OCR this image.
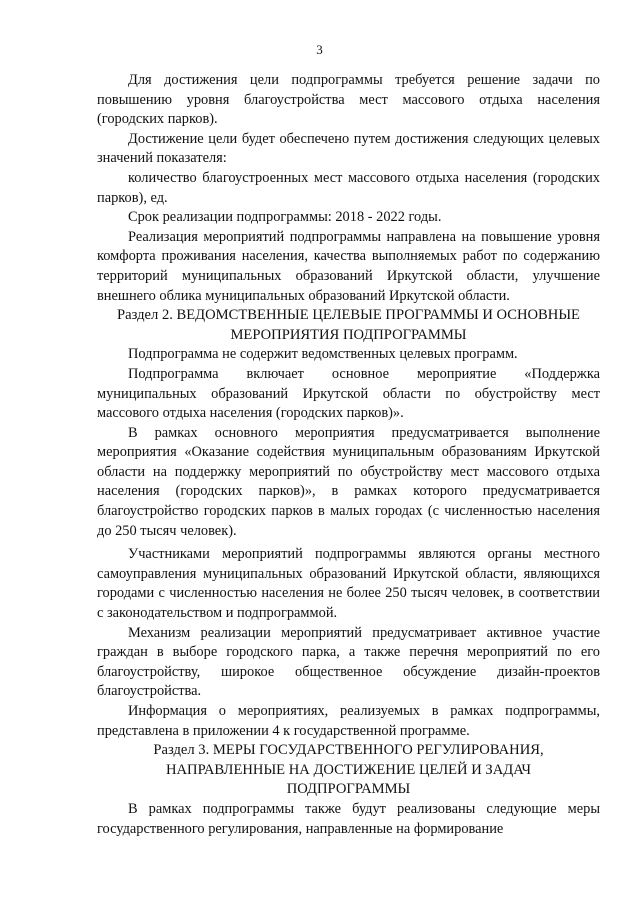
3

Для достижения цели подпрограммы требуется решение задачи по повышению уровня благоустройства мест массового отдыха населения (городских парков).

Достижение цели будет обеспечено путем достижения следующих целевых значений показателя:

количество благоустроенных мест массового отдыха населения (городских парков), ед.

Срок реализации подпрограммы: 2018 - 2022 годы.

Реализация мероприятий подпрограммы направлена на повышение уровня комфорта проживания населения, качества выполняемых работ по содержанию территорий муниципальных образований Иркутской области, улучшение внешнего облика муниципальных образований Иркутской области.

Раздел 2. ВЕДОМСТВЕННЫЕ ЦЕЛЕВЫЕ ПРОГРАММЫ И ОСНОВНЫЕ
МЕРОПРИЯТИЯ ПОДПРОГРАММЫ

Подпрограмма не содержит ведомственных целевых программ.

Подпрограмма включает основное мероприятие «Поддержка муниципальных образований Иркутской области по обустройству мест массового отдыха населения (городских парков)».

В рамках основного мероприятия предусматривается выполнение мероприятия «Оказание содействия муниципальным образованиям Иркутской области на поддержку мероприятий по обустройству мест массового отдыха населения (городских парков)», в рамках которого предусматривается благоустройство городских парков в малых городах (с численностью населения до 250 тысяч человек).

Участниками мероприятий подпрограммы являются органы местного самоуправления муниципальных образований Иркутской области, являющихся городами с численностью населения не более 250 тысяч человек, в соответствии с законодательством и подпрограммой.

Механизм реализации мероприятий предусматривает активное участие граждан в выборе городского парка, а также перечня мероприятий по его благоустройству, широкое общественное обсуждение дизайн-проектов благоустройства.

Информация о мероприятиях, реализуемых в рамках подпрограммы, представлена в приложении 4 к государственной программе.

Раздел 3. МЕРЫ ГОСУДАРСТВЕННОГО РЕГУЛИРОВАНИЯ,
НАПРАВЛЕННЫЕ НА ДОСТИЖЕНИЕ ЦЕЛЕЙ И ЗАДАЧ
ПОДПРОГРАММЫ

В рамках подпрограммы также будут реализованы следующие меры государственного регулирования, направленные на формирование
